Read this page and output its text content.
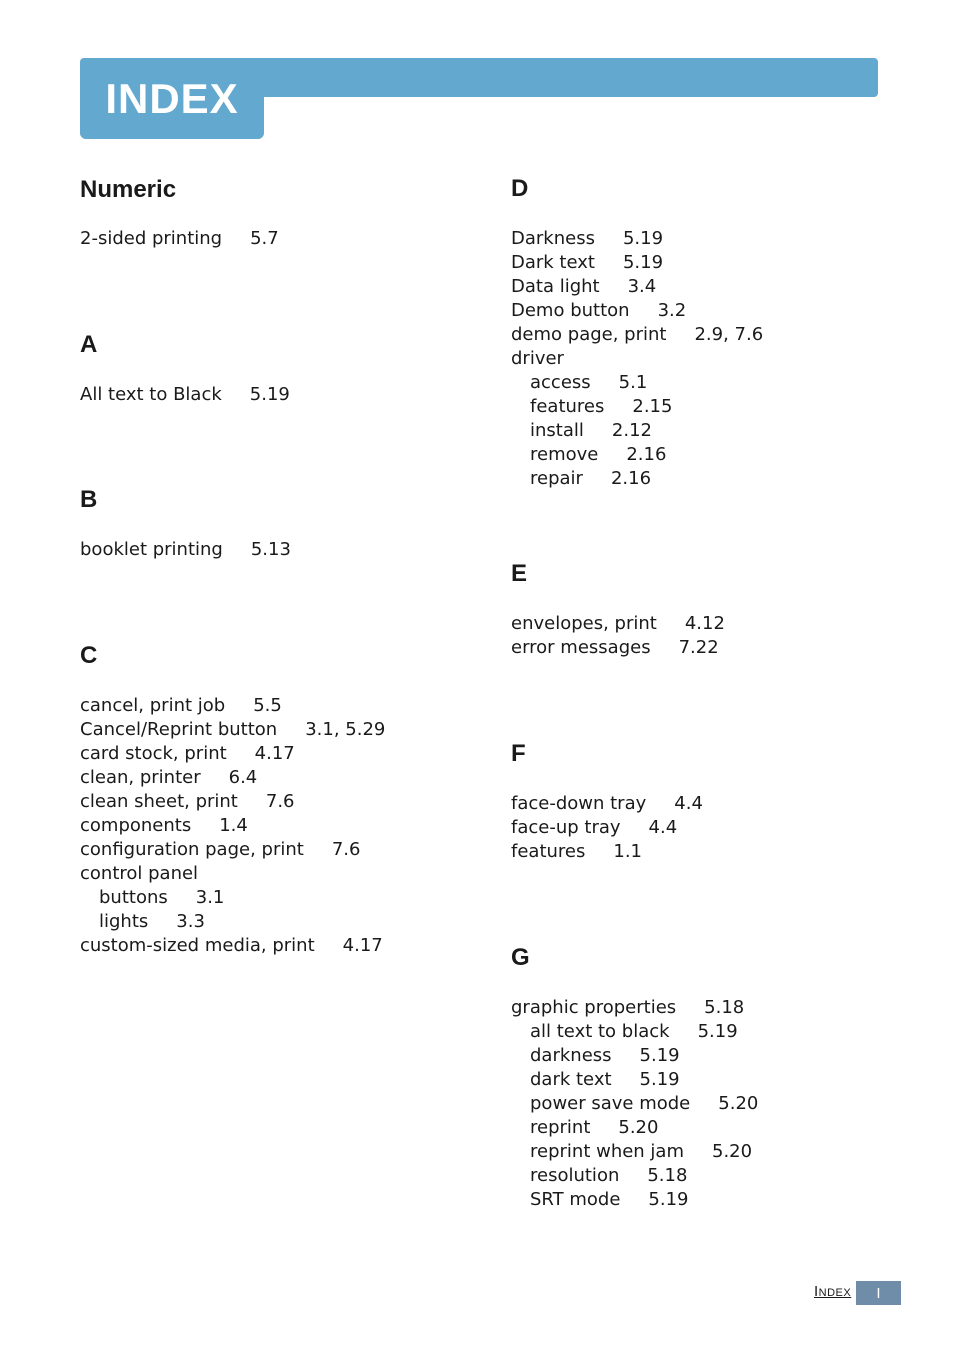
INDEX
Numeric
2-sided printing 5.7
A
All text to Black 5.19
B
booklet printing 5.13
C
cancel, print job 5.5
Cancel/Reprint button 3.1, 5.29
card stock, print 4.17
clean, printer 6.4
clean sheet, print 7.6
components 1.4
configuration page, print 7.6
control panel
buttons 3.1
lights 3.3
custom-sized media, print 4.17
D
Darkness 5.19
Dark text 5.19
Data light 3.4
Demo button 3.2
demo page, print 2.9, 7.6
driver
access 5.1
features 2.15
install 2.12
remove 2.16
repair 2.16
E
envelopes, print 4.12
error messages 7.22
F
face-down tray 4.4
face-up tray 4.4
features 1.1
G
graphic properties 5.18
all text to black 5.19
darkness 5.19
dark text 5.19
power save mode 5.20
reprint 5.20
reprint when jam 5.20
resolution 5.18
SRT mode 5.19
Index	I
